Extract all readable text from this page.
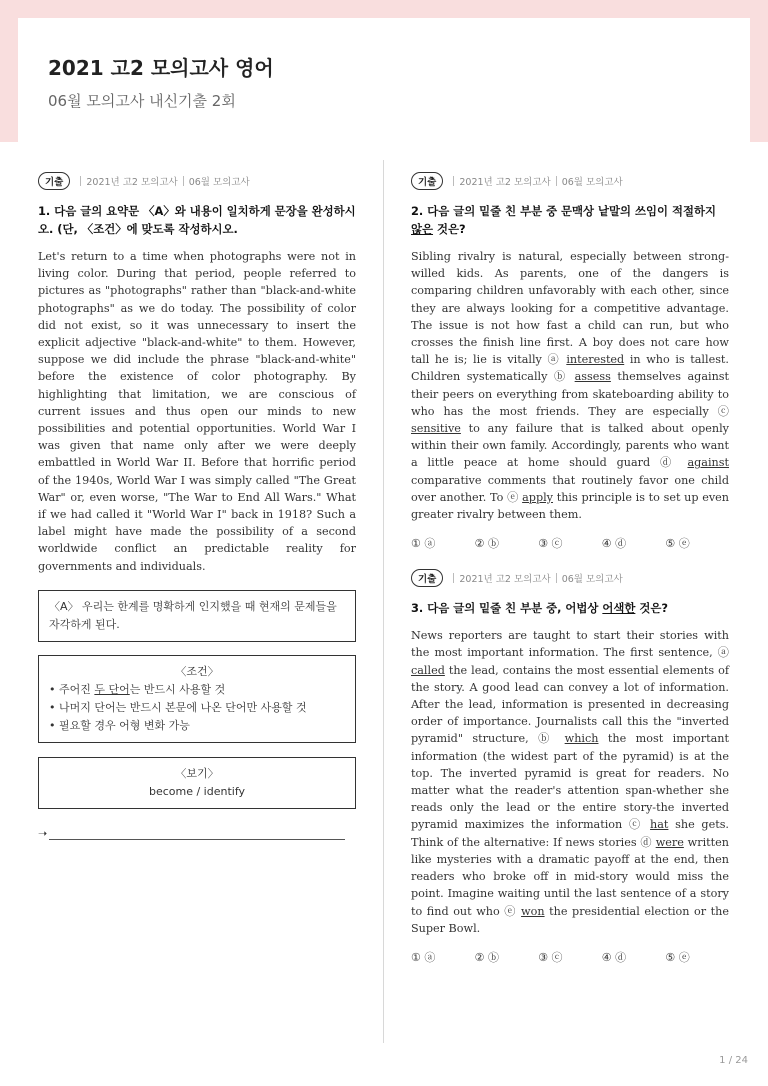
2021 고2 모의고사 영어
06월 모의고사 내신기출 2회
기출	2021년 고2 모의고사 06월 모의고사
1. 다음 글의 요약문 〈A〉와 내용이 일치하게 문장을 완성하시오. (단, 〈조건〉에 맞도록 작성하시오.
Let's return to a time when photographs were not in living color. During that period, people referred to pictures as "photographs" rather than "black-and-white photographs" as we do today. The possibility of color did not exist, so it was unnecessary to insert the explicit adjective "black-and-white" to them. However, suppose we did include the phrase "black-and-white" before the existence of color photography. By highlighting that limitation, we are conscious of current issues and thus open our minds to new possibilities and potential opportunities. World War I was given that name only after we were deeply embattled in World War II. Before that horrific period of the 1940s, World War I was simply called "The Great War" or, even worse, "The War to End All Wars." What if we had called it "World War I" back in 1918? Such a label might have made the possibility of a second worldwide conflict an predictable reality for governments and individuals.
〈A〉 우리는 한계를 명확하게 인지했을 때 현재의 문제들을 자각하게 된다.
〈조건〉
• 주어진 두 단어는 반드시 사용할 것
• 나머지 단어는 반드시 본문에 나온 단어만 사용할 것
• 필요할 경우 어형 변화 가능
〈보기〉
become / identify
➝
기출	2021년 고2 모의고사 06월 모의고사
2. 다음 글의 밑줄 친 부분 중 문맥상 낱말의 쓰임이 적절하지 않은 것은?
Sibling rivalry is natural, especially between strong-willed kids. As parents, one of the dangers is comparing children unfavorably with each other, since they are always looking for a competitive advantage. The issue is not how fast a child can run, but who crosses the finish line first. A boy does not care how tall he is; lie is vitally ⓐ interested in who is tallest. Children systematically ⓑ assess themselves against their peers on everything from skateboarding ability to who has the most friends. They are especially ⓒ sensitive to any failure that is talked about openly within their own family. Accordingly, parents who want a little peace at home should guard ⓓ against comparative comments that routinely favor one child over another. To ⓔ apply this principle is to set up even greater rivalry between them.
① ⓐ	② ⓑ	③ ⓒ	④ ⓓ	⑤ ⓔ
기출	2021년 고2 모의고사 06월 모의고사
3. 다음 글의 밑줄 친 부분 중, 어법상 어색한 것은?
News reporters are taught to start their stories with the most important information. The first sentence, ⓐ called the lead, contains the most essential elements of the story. A good lead can convey a lot of information. After the lead, information is presented in decreasing order of importance. Journalists call this the "inverted pyramid" structure, ⓑ which the most important information (the widest part of the pyramid) is at the top. The inverted pyramid is great for readers. No matter what the reader's attention span-whether she reads only the lead or the entire story-the inverted pyramid maximizes the information ⓒ hat she gets. Think of the alternative: If news stories ⓓ were written like mysteries with a dramatic payoff at the end, then readers who broke off in mid-story would miss the point. Imagine waiting until the last sentence of a story to find out who ⓔ won the presidential election or the Super Bowl.
① ⓐ	② ⓑ	③ ⓒ	④ ⓓ	⑤ ⓔ
1 / 24
